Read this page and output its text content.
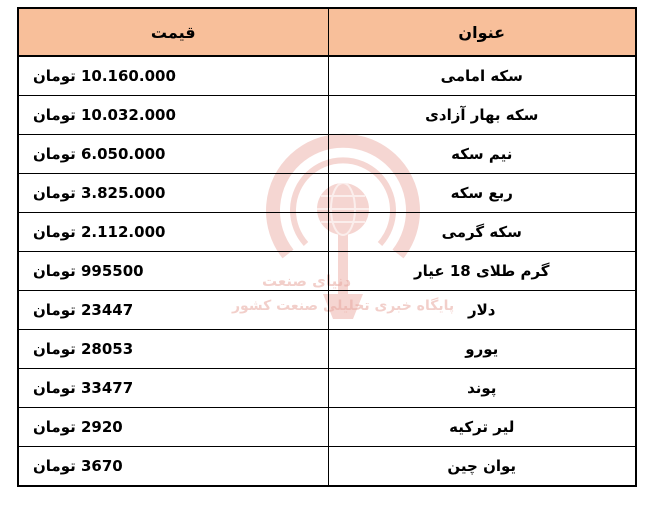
دنیای صنعت
پایگاه خبری تحلیلی صنعت کشور
قیمت	عنوان
10.160.000 تومان	سکه امامی
10.032.000 تومان	سکه بهار آزادی
6.050.000 تومان	نیم سکه
3.825.000 تومان	ربع سکه
2.112.000 تومان	سکه گرمی
995500 تومان	گرم طلای 18 عیار
23447 تومان	دلار
28053 تومان	یورو
33477 تومان	پوند
2920 تومان	لیر ترکیه
3670 تومان	یوان چین
